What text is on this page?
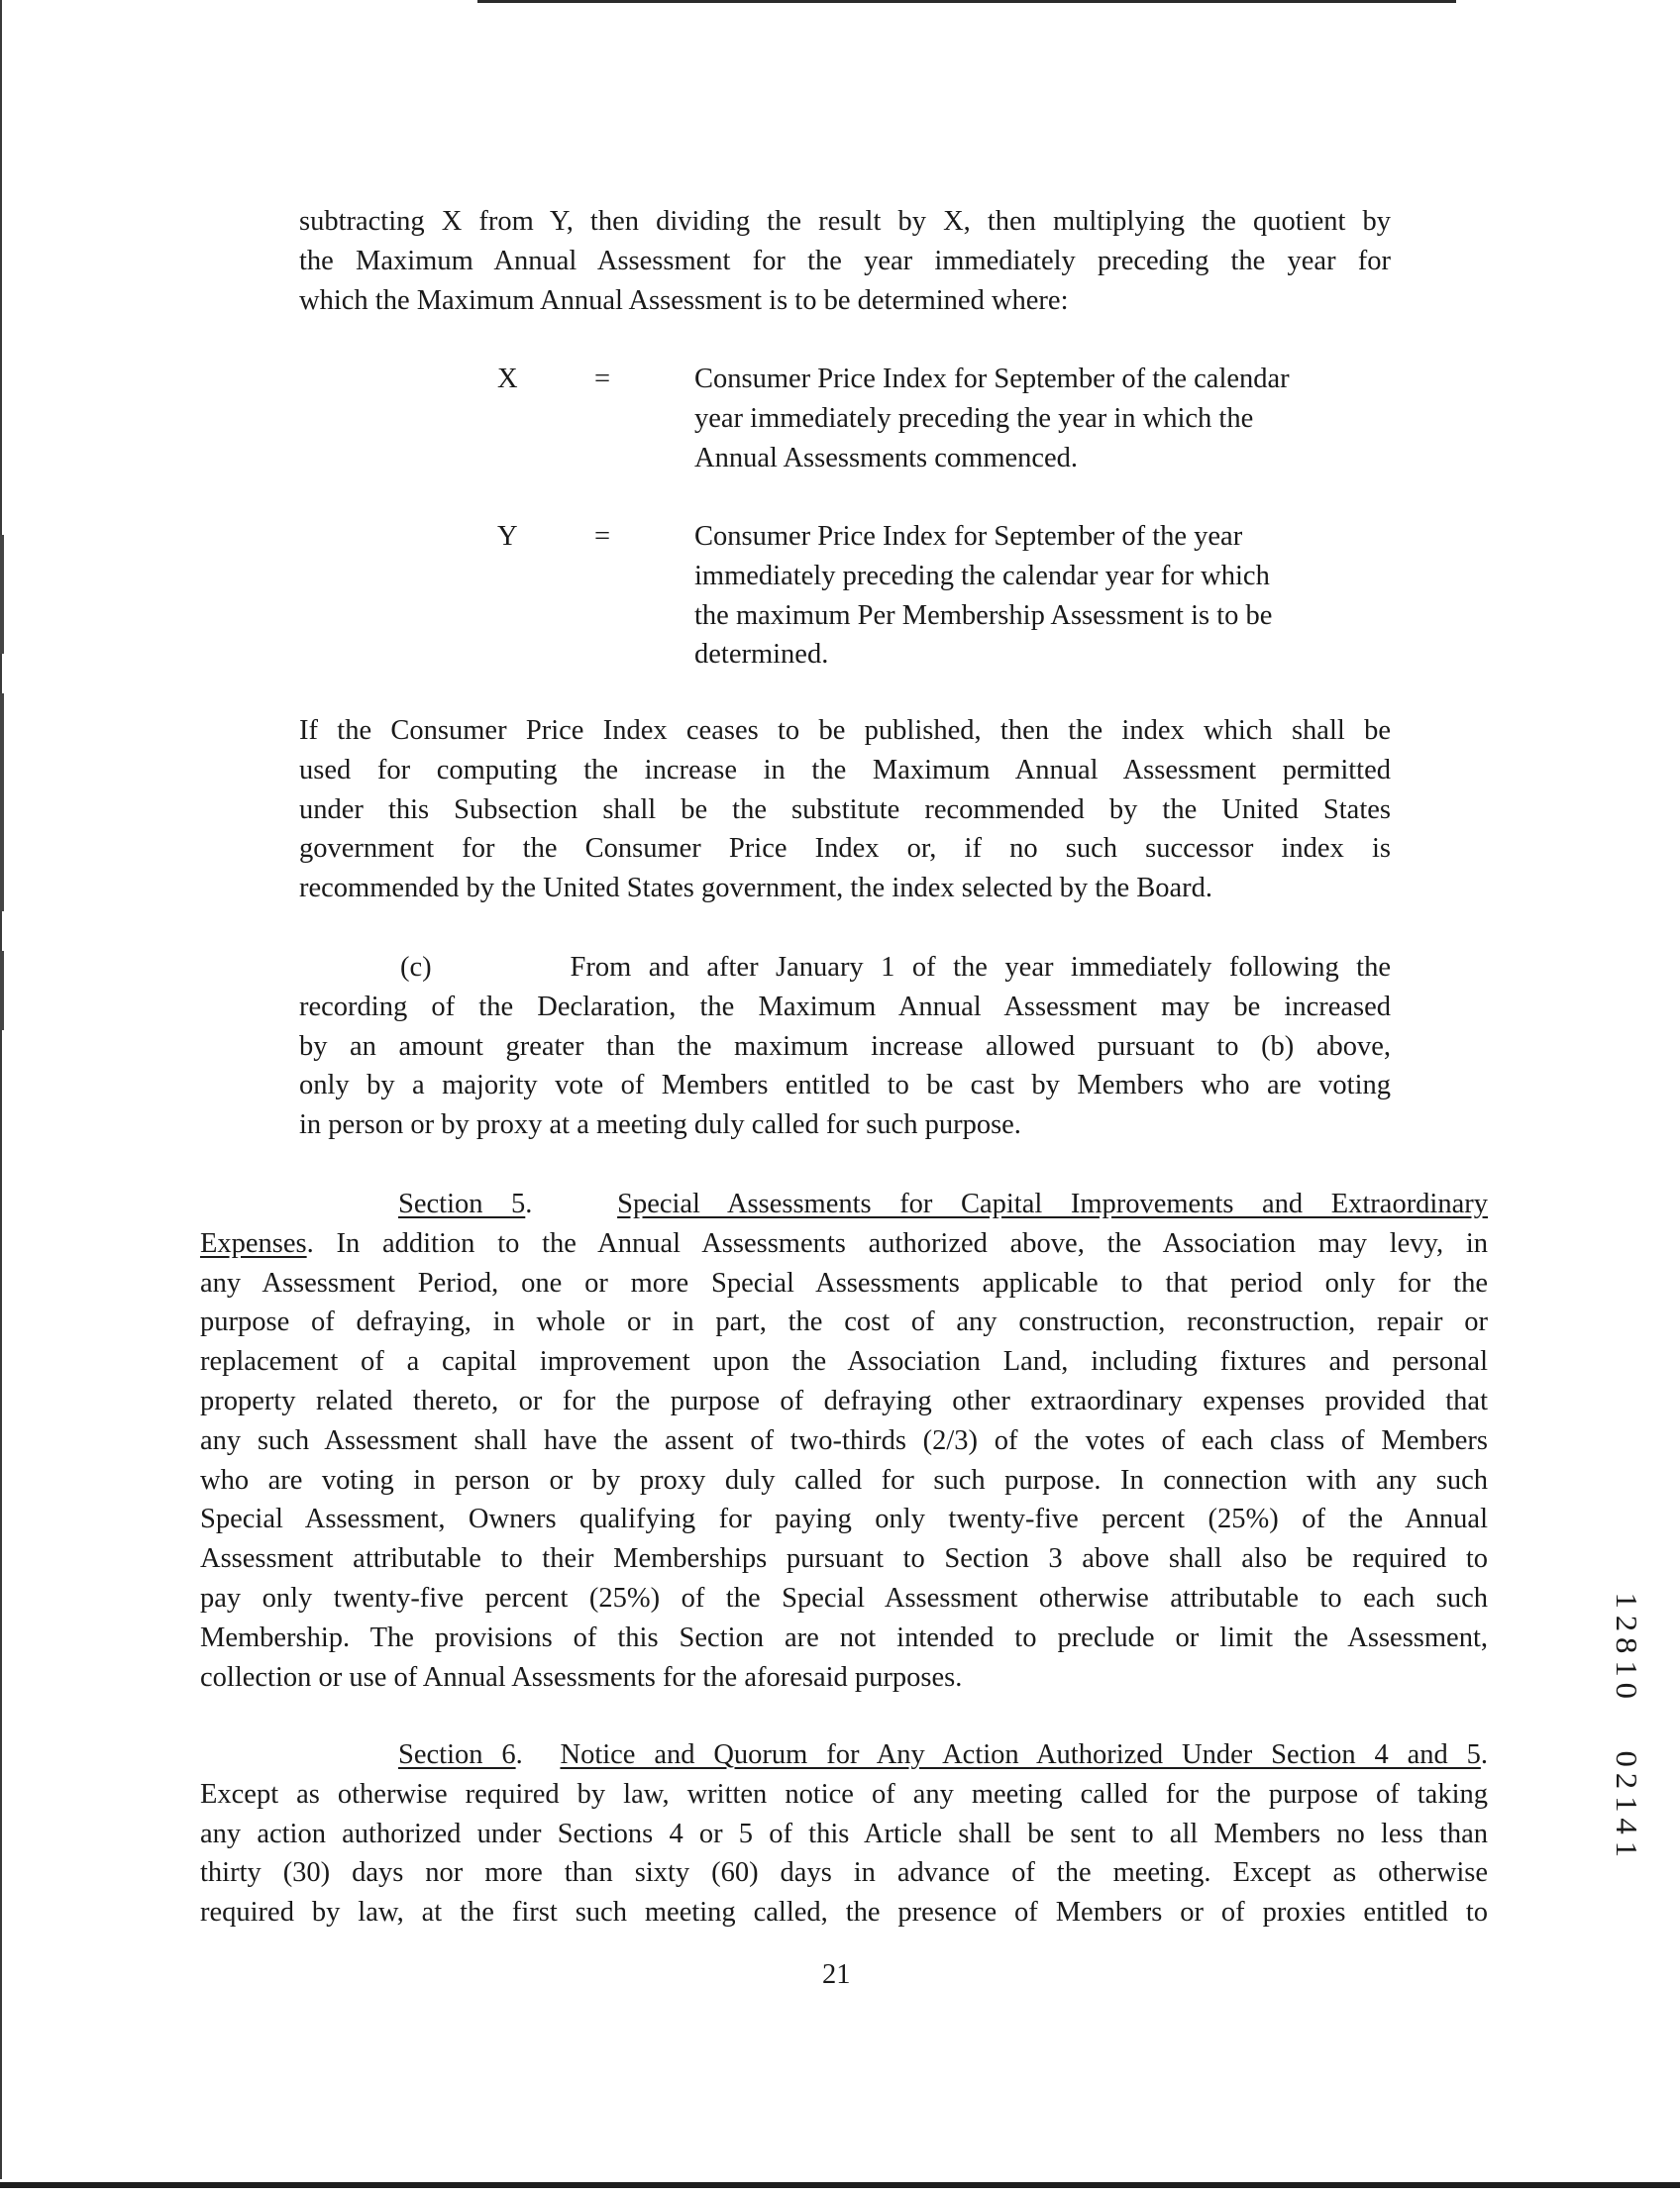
subtracting X from Y, then dividing the result by X, then multiplying the quotient by
the Maximum Annual Assessment for the year immediately preceding the year for
which the Maximum Annual Assessment is to be determined where:
X	=	Consumer Price Index for September of the calendar
year immediately preceding the year in which the
Annual Assessments commenced.
Y	=	Consumer Price Index for September of the year
immediately preceding the calendar year for which
the maximum Per Membership Assessment is to be
determined.
If the Consumer Price Index ceases to be published, then the index which shall be
used for computing the increase in the Maximum Annual Assessment permitted
under this Subsection shall be the substitute recommended by the United States
government for the Consumer Price Index or, if no such successor index is
recommended by the United States government, the index selected by the Board.
(c)	From and after January 1 of the year immediately following the
recording of the Declaration, the Maximum Annual Assessment may be increased
by an amount greater than the maximum increase allowed pursuant to (b) above,
only by a majority vote of Members entitled to be cast by Members who are voting
in person or by proxy at a meeting duly called for such purpose.
Section 5.   Special Assessments for Capital Improvements and Extraordinary
Expenses. In addition to the Annual Assessments authorized above, the Association may levy, in
any Assessment Period, one or more Special Assessments applicable to that period only for the
purpose of defraying, in whole or in part, the cost of any construction, reconstruction, repair or
replacement of a capital improvement upon the Association Land, including fixtures and personal
property related thereto, or for the purpose of defraying other extraordinary expenses provided that
any such Assessment shall have the assent of two-thirds (2/3) of the votes of each class of Members
who are voting in person or by proxy duly called for such purpose. In connection with any such
Special Assessment, Owners qualifying for paying only twenty-five percent (25%) of the Annual
Assessment attributable to their Memberships pursuant to Section 3 above shall also be required to
pay only twenty-five percent (25%) of the Special Assessment otherwise attributable to each such
Membership. The provisions of this Section are not intended to preclude or limit the Assessment,
collection or use of Annual Assessments for the aforesaid purposes.
Section 6.  Notice and Quorum for Any Action Authorized Under Section 4 and 5.
Except as otherwise required by law, written notice of any meeting called for the purpose of taking
any action authorized under Sections 4 or 5 of this Article shall be sent to all Members no less than
thirty (30) days nor more than sixty (60) days in advance of the meeting. Except as otherwise
required by law, at the first such meeting called, the presence of Members or of proxies entitled to
21
1
2
8
1
0

0
2
1
4
1
